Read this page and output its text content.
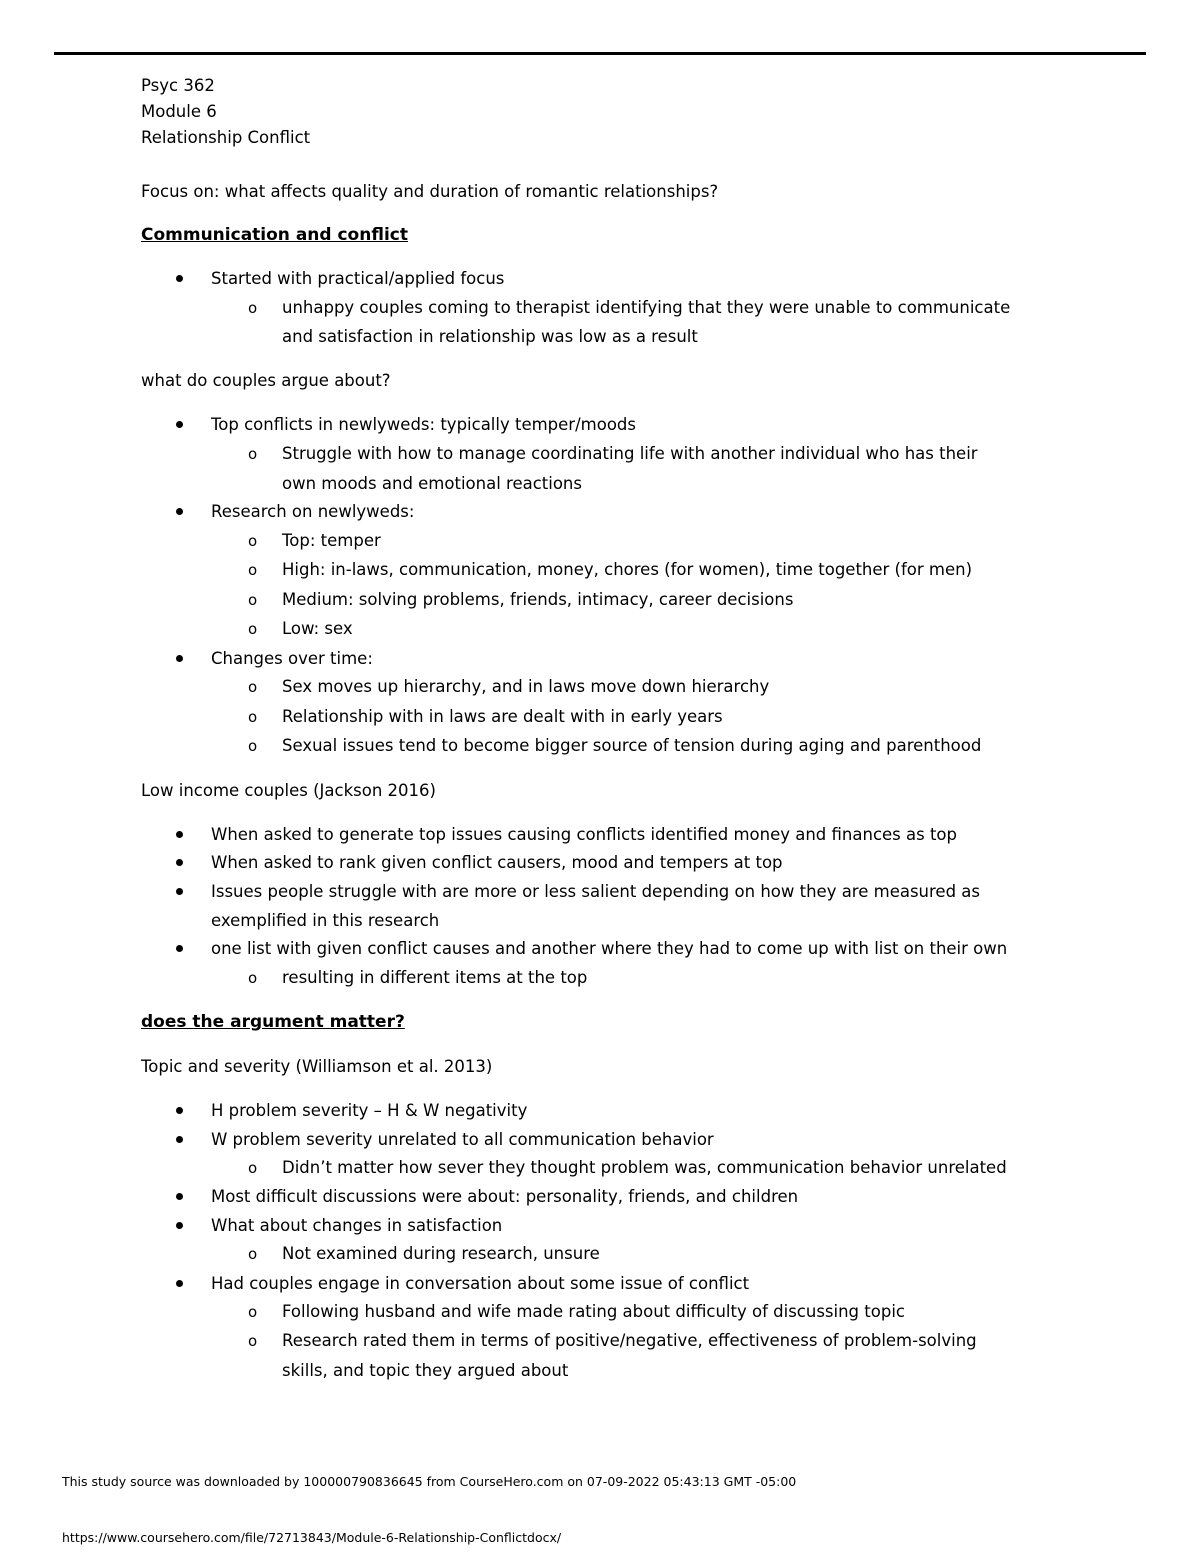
Psyc 362
Module 6
Relationship Conflict
Focus on: what affects quality and duration of romantic relationships?
Communication and conflict
Started with practical/applied focus
o unhappy couples coming to therapist identifying that they were unable to communicate
and satisfaction in relationship was low as a result
what do couples argue about?
Top conflicts in newlyweds: typically temper/moods
o Struggle with how to manage coordinating life with another individual who has their
own moods and emotional reactions
Research on newlyweds:
o Top: temper
o High: in-laws, communication, money, chores (for women), time together (for men)
o Medium: solving problems, friends, intimacy, career decisions
o Low: sex
Changes over time:
o Sex moves up hierarchy, and in laws move down hierarchy
o Relationship with in laws are dealt with in early years
o Sexual issues tend to become bigger source of tension during aging and parenthood
Low income couples (Jackson 2016)
When asked to generate top issues causing conflicts identified money and finances as top
When asked to rank given conflict causers, mood and tempers at top
Issues people struggle with are more or less salient depending on how they are measured as
exemplified in this research
one list with given conflict causes and another where they had to come up with list on their own
o resulting in different items at the top
does the argument matter?
Topic and severity (Williamson et al. 2013)
H problem severity – H & W negativity
W problem severity unrelated to all communication behavior
o Didn’t matter how sever they thought problem was, communication behavior unrelated
Most difficult discussions were about: personality, friends, and children
What about changes in satisfaction
o Not examined during research, unsure
Had couples engage in conversation about some issue of conflict
o Following husband and wife made rating about difficulty of discussing topic
o Research rated them in terms of positive/negative, effectiveness of problem-solving
skills, and topic they argued about
This study source was downloaded by 100000790836645 from CourseHero.com on 07-09-2022 05:43:13 GMT -05:00
https://www.coursehero.com/file/72713843/Module-6-Relationship-Conflictdocx/
